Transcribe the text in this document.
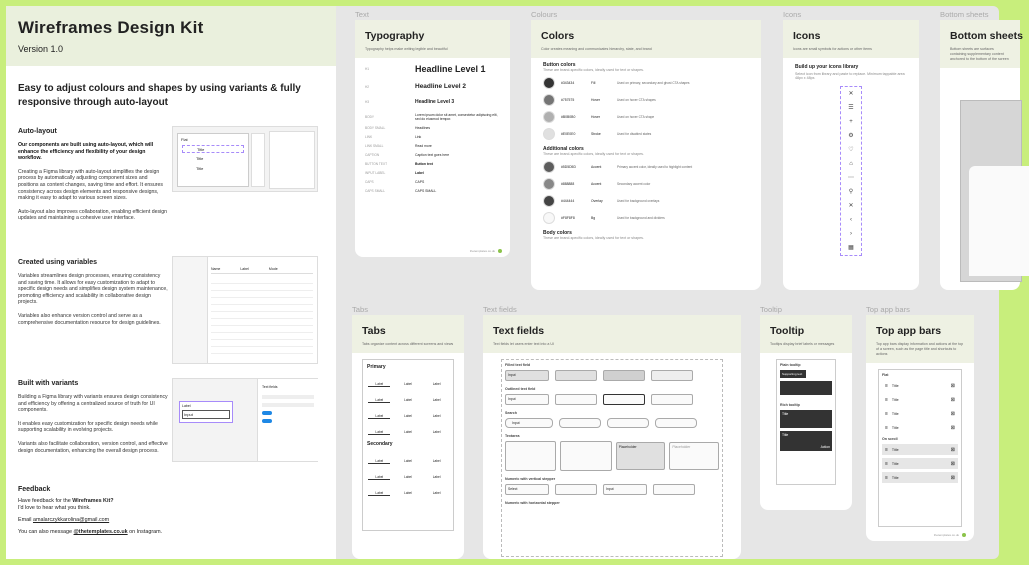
Wireframes Design Kit
Version 1.0
Easy to adjust colours and shapes by using variants & fully responsive through auto-layout
Auto-layout

Our components are built using auto-layout, which will enhance the efficiency and flexibility of your design workflow.

Creating a Figma library with auto-layout simplifies the design process by automatically adjusting component sizes and positions as content changes, saving time and effort. It ensures consistency across design elements and responsive designs, making it easy to adapt to various screen sizes.

Auto-layout also improves collaboration, enabling efficient design updates and maintaining a cohesive user interface.

Flat
Title
Title
Title
Created using variables

Variables streamlines design processes, ensuring consistency and saving time. It allows for easy customization to adapt to specific design needs and simplifies design system maintenance, promoting efficiency and scalability in collaborative design projects.

Variables also enhance version control and serve as a comprehensive documentation resource for design guidelines.

Name	Label	Mode
Built with variants

Building a Figma library with variants ensures design consistency and efficiency by offering a centralized source of truth for UI components.

It enables easy customization for specific design needs while supporting scalability in evolving projects.

Variants also facilitate collaboration, version control, and effective design documentation, enhancing the overall design process.

Label
Input
Text fields
Feedback

Have feedback for the Wireframes Kit?

I'd love to hear what you think.

Email amalarczykkarolina@gmail.com

You can also message @thetemplates.co.uk on Instagram.

Text	Colours	Icons	Bottom sheets
Tabs	Text fields	Tooltip	Top app bars
Typography
Typography helps make writing legible and beautiful
H1	Headline Level 1
H2	Headline Level 2
H3	Headline Level 3
BODY
Lorem ipsum dolor sit amet, consectetur adipiscing elit, sed do eiusmod tempor.
BODY SMALL	Headlines
LINK	Link
LINK SMALL	Read more
CAPTION	Caption text goes here
BUTTON TEXT	Button text
INPUT LABEL	Label
CAPS	CAPS
CAPS SMALL	CAPS SMALL
thetemplates.co.uk
Colors
Color creates meaning and communicates hierarchy, state, and brand
Button colors
These are brand-specific colors, ideally used for text or shapes.
#343434	Fill	Used on primary, secondary and ghost CTA shapes
#757575	Hover	Used on hover CTA shapes
#B0B0B0	Hover	Used on hover CTA shape
#E0E0E0	Stroke	Used for disabled states
Additional colors
These are brand-specific colors, ideally used for text or shapes.
#5D5D5D	Accent	Primary accent color, ideally used to highlight content
#888888	Accent	Secondary accent color
#444444	Overlay	Used for background overlays
#F8F8F8	Bg	Used for background and dividers
Body colors
These are brand-specific colors, ideally used for text or shapes.
Icons
Icons are small symbols for actions or other items
Build up your icons library
Select icon from library and paste to replace. Minimum tappable area 48px x 48px.
✕
☰
+
⚙
♡
⌂
⋯
⚲
✕
‹
›
▦
Bottom sheets
Bottom sheets are surfaces containing supplementary content anchored to the bottom of the screen
Tabs
Tabs organize content across different screens and views
Primary
Label	Label	Label
Label	Label	Label
Label	Label	Label
Label	Label	Label
Secondary
Label	Label	Label
Label	Label	Label
Label	Label	Label
Text fields
Text fields let users enter text into a UI
Filled text field
Input
Outlined text field
Input
Search
Input
Textarea
Placeholder	Placeholder
Numeric with vertical stepper
Select	Input
Numeric with horizontal stepper
Tooltip
Tooltips display brief labels or messages
Plain tooltip
Supporting text
Rich tooltip
Title
Title
Action
Top app bars
Top app bars display information and actions at the top of a screen, such as the page title and shortcuts to actions
Flat
≡ Title	⊠
≡ Title	⊠
≡ Title	⊠
≡ Title	⊠
On scroll
≡ Title	⊠
≡ Title	⊠
≡ Title	⊠
thetemplates.co.uk
